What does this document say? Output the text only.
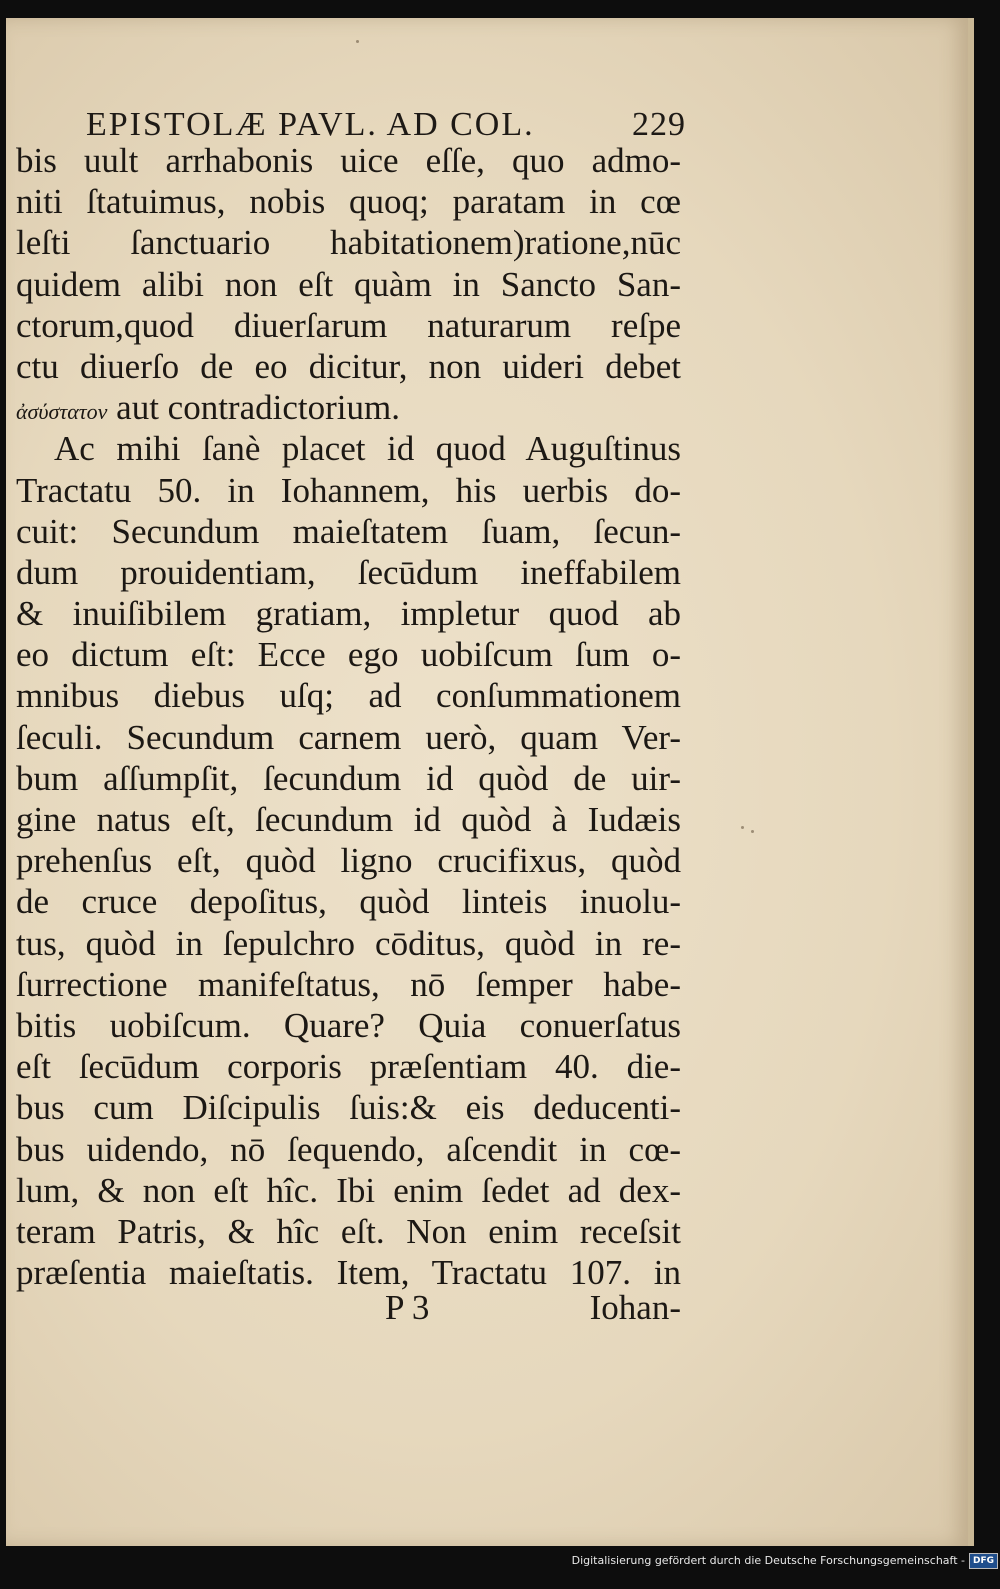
EPISTOLÆ PAVL. AD COL.	229
bis uult arrhabonis uice eſſe, quo admo-
niti ſtatuimus, nobis quoq; paratam in cœ
leſti ſanctuario habitationem)ratione,nūc
quidem alibi non eſt quàm in Sancto San-
ctorum,quod diuerſarum naturarum reſpe
ctu diuerſo de eo dicitur, non uideri debet
ἀσύστατον aut contradictorium.
Ac mihi ſanè placet id quod Auguſtinus
Tractatu 50. in Iohannem, his uerbis do-
cuit: Secundum maieſtatem ſuam, ſecun-
dum prouidentiam, ſecūdum ineffabilem
& inuiſibilem gratiam, impletur quod ab
eo dictum eſt: Ecce ego uobiſcum ſum o-
mnibus diebus uſq; ad conſummationem
ſeculi. Secundum carnem uerò, quam Ver-
bum aſſumpſit, ſecundum id quòd de uir-
gine natus eſt, ſecundum id quòd à Iudæis
prehenſus eſt, quòd ligno crucifixus, quòd
de cruce depoſitus, quòd linteis inuolu-
tus, quòd in ſepulchro cōditus, quòd in re-
ſurrectione manifeſtatus, nō ſemper habe-
bitis uobiſcum. Quare? Quia conuerſatus
eſt ſecūdum corporis præſentiam 40. die-
bus cum Diſcipulis ſuis:& eis deducenti-
bus uidendo, nō ſequendo, aſcendit in cœ-
lum, & non eſt hîc. Ibi enim ſedet ad dex-
teram Patris, & hîc eſt. Non enim receſsit
præſentia maieſtatis. Item, Tractatu 107. in
P 3	Iohan-
Digitalisierung gefördert durch die Deutsche Forschungsgemeinschaft - DFG
